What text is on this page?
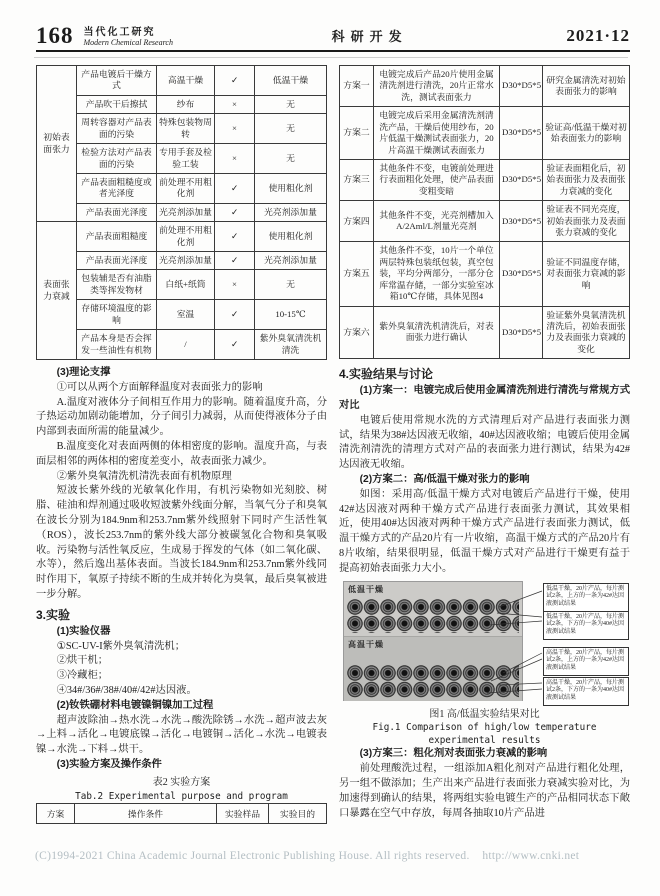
168 当代化工研究
Modern Chemical Research	科研开发	2021·12
初始表面张力	产品电镀后干燥方式	高温干燥	✓	低温干燥
	产品吹干后擦拭	纱布	×	无
	周转容器对产品表面的污染	特殊包装物周转	×	无
	检验方法对产品表面的污染	专用手套及检验工装	×	无
	产品表面粗糙度或者光泽度	前处理不用粗化剂	✓	使用粗化剂
	产品表面光泽度	光亮剂添加量	✓	光亮剂添加量
表面张力衰减	产品表面粗糙度	前处理不用粗化剂	✓	使用粗化剂
	产品表面光泽度	光亮剂添加量	✓	光亮剂添加量
	包装辅是否有油脂类等挥发物材	白纸+纸筒	×	无
	存储环境温度的影响	室温	✓	10-15℃
	产品本身是否会挥发一些油性有机物	/	✓	紫外臭氧清洗机清洗

(3)理论支撑

①可以从两个方面解释温度对表面张力的影响

A.温度对液体分子间相互作用力的影响。随着温度升高，分子热运动加剧动能增加，分子间引力减弱，从而使得液体分子由内部到表面所需的能量减少。

B.温度变化对表面两侧的体相密度的影响。温度升高，与表面层相邻的两体相的密度差变小，故表面张力减少。

②紫外臭氧清洗机清洗表面有机物原理

短波长紫外线的光敏氧化作用，有机污染物如光刻胶、树脂、硅油和焊剂通过吸收短波紫外线面分解，当氧气分子和臭氧在波长分别为184.9nm和253.7nm紫外线照射下同时产生活性氧（ROS），波长253.7nm的紫外线大部分被碳氢化合物和臭氧吸收。污染物与活性氧反应，生成易于挥发的气体（如二氧化碳、水等），然后逸出基体表面。当波长184.9nm和253.7nm紫外线同时作用下，氧原子持续不断的生成并转化为臭氧，最后臭氧被进一步分解。

3.实验

(1)实验仪器

①SC-UV-I紫外臭氧清洗机；

②烘干机；

③冷藏柜；

④34#/36#/38#/40#/42#达因液。

(2)钕铁硼材料电镀镍铜镍加工过程

超声波除油→热水洗→水洗→酸洗除锈→水洗→超声波去灰→上料→活化→电镀底镍→活化→电镀铜→活化→水洗→电镀表镍→水洗→下料→烘干。

(3)实验方案及操作条件

表2 实验方案

Tab.2 Experimental purpose and program

方案	操作条件	实验样品	实验目的
方案一	电镀完成后产品20片使用金属清洗剂进行清洗，20片正常水洗，测试表面张力	D30*D5*5	研究金属清洗对初始表面张力的影响
方案二	电镀完成后采用金属清洗剂清洗产品，干燥后使用纱布，20片低温干燥测试表面张力，20片高温干燥测试表面张力	D30*D5*5	验证高/低温干燥对初始表面张力的影响
方案三	其他条件不变，电镀前处理进行表面粗化处理，使产品表面变粗变暗	D30*D5*5	验证表面粗化后，初始表面张力及表面张力衰减的变化
方案四	其他条件不变，光亮剂槽加入A/2Aml/L剂量光亮剂	D30*D5*5	验证表不同光亮度，初始表面张力及表面张力衰减的变化
方案五	其他条件不变，10片一个单位两层特殊包装纸包装，真空包装，平均分两部分，一部分仓库常温存储，一部分实验室冰箱10℃存储，具体见图4	D30*D5*5	验证不同温度存储，对表面张力衰减的影响
方案六	紫外臭氧清洗机清洗后，对表面张力进行确认	D30*D5*5	验证紫外臭氧清洗机清洗后，初始表面张力及表面张力衰减的变化
4.实验结果与讨论

(1)方案一：电镀完成后使用金属清洗剂进行清洗与常规方式对比

电镀后使用常规水洗的方式清理后对产品进行表面张力测试，结果为38#达因液无收缩，40#达因液收缩；电镀后使用金属清洗剂清洗的清理方式对产品的表面张力进行测试，结果为42#达因液无收缩。

(2)方案二：高/低温干燥对张力的影响

如图：采用高/低温干燥方式对电镀后产品进行干燥，使用42#达因液对两种干燥方式产品进行表面张力测试，其效果相近，使用40#达因液对两种干燥方式产品进行表面张力测试，低温干燥方式的产品20片有一片收缩，高温干燥方式的产品20片有8片收缩，结果很明显，低温干燥方式对产品进行干燥更有益于提高初始表面张力大小。

低温干燥
高温干燥
低温干燥，20片产品，每片测试2条，上方的一条为42#达因液测试结果
低温干燥，20片产品，每片测试2条，下方的一条为40#达因液测试结果
高温干燥，20片产品，每片测试2条，上方的一条为42#达因液测试结果
高温干燥，20片产品，每片测试2条，下方的一条为40#达因液测试结果

图1 高/低温实验结果对比

Fig.1 Comparison of high/low temperature

experimental results

(3)方案三：粗化剂对表面张力衰减的影响

前处理酸洗过程，一组添加A粗化剂对产品进行粗化处理，另一组不做添加；生产出来产品进行表面张力衰减实验对比，为加速得到确认的结果，将两组实验电镀生产的产品相同状态下敞口暴露在空气中存放，每周各抽取10片产品进

(C)1994-2021 China Academic Journal Electronic Publishing House. All rights reserved.    http://www.cnki.net
